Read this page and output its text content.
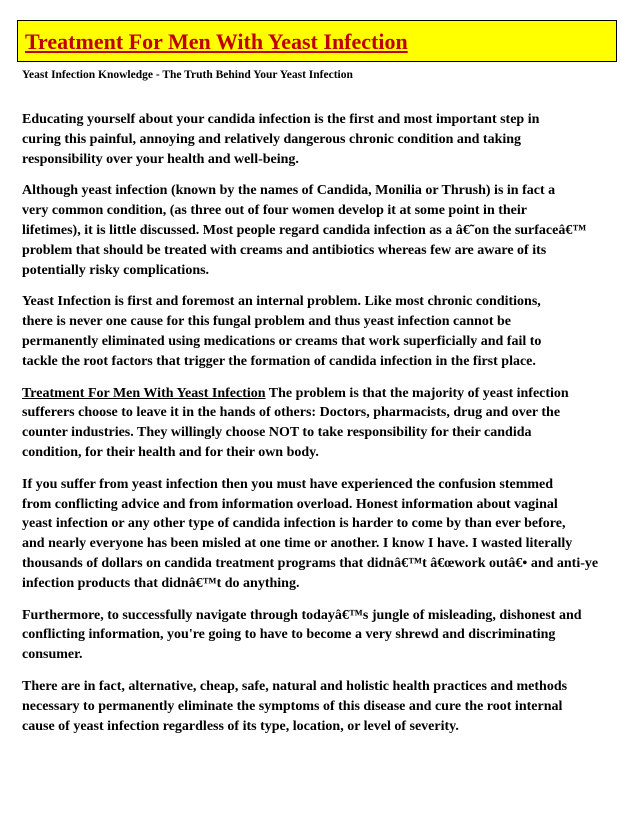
Treatment For Men With Yeast Infection
Yeast Infection Knowledge - The Truth Behind Your Yeast Infection

Educating yourself about your candida infection is the first and most important step in
curing this painful, annoying and relatively dangerous chronic condition and taking
responsibility over your health and well-being.

Although yeast infection (known by the names of Candida, Monilia or Thrush) is in fact a
very common condition, (as three out of four women develop it at some point in their
lifetimes), it is little discussed. Most people regard candida infection as a â€˜on the surfaceâ€™
problem that should be treated with creams and antibiotics whereas few are aware of its
potentially risky complications.

Yeast Infection is first and foremost an internal problem. Like most chronic conditions,
there is never one cause for this fungal problem and thus yeast infection cannot be
permanently eliminated using medications or creams that work superficially and fail to
tackle the root factors that trigger the formation of candida infection in the first place.

Treatment For Men With Yeast Infection The problem is that the majority of yeast infection
sufferers choose to leave it in the hands of others: Doctors, pharmacists, drug and over the
counter industries. They willingly choose NOT to take responsibility for their candida
condition, for their health and for their own body.

If you suffer from yeast infection then you must have experienced the confusion stemmed
from conflicting advice and from information overload. Honest information about vaginal
yeast infection or any other type of candida infection is harder to come by than ever before,
and nearly everyone has been misled at one time or another. I know I have. I wasted literally
thousands of dollars on candida treatment programs that didnâ€™t â€œwork outâ€• and anti-ye
infection products that didnâ€™t do anything.

Furthermore, to successfully navigate through todayâ€™s jungle of misleading, dishonest and
conflicting information, you're going to have to become a very shrewd and discriminating
consumer.

There are in fact, alternative, cheap, safe, natural and holistic health practices and methods
necessary to permanently eliminate the symptoms of this disease and cure the root internal
cause of yeast infection regardless of its type, location, or level of severity.
